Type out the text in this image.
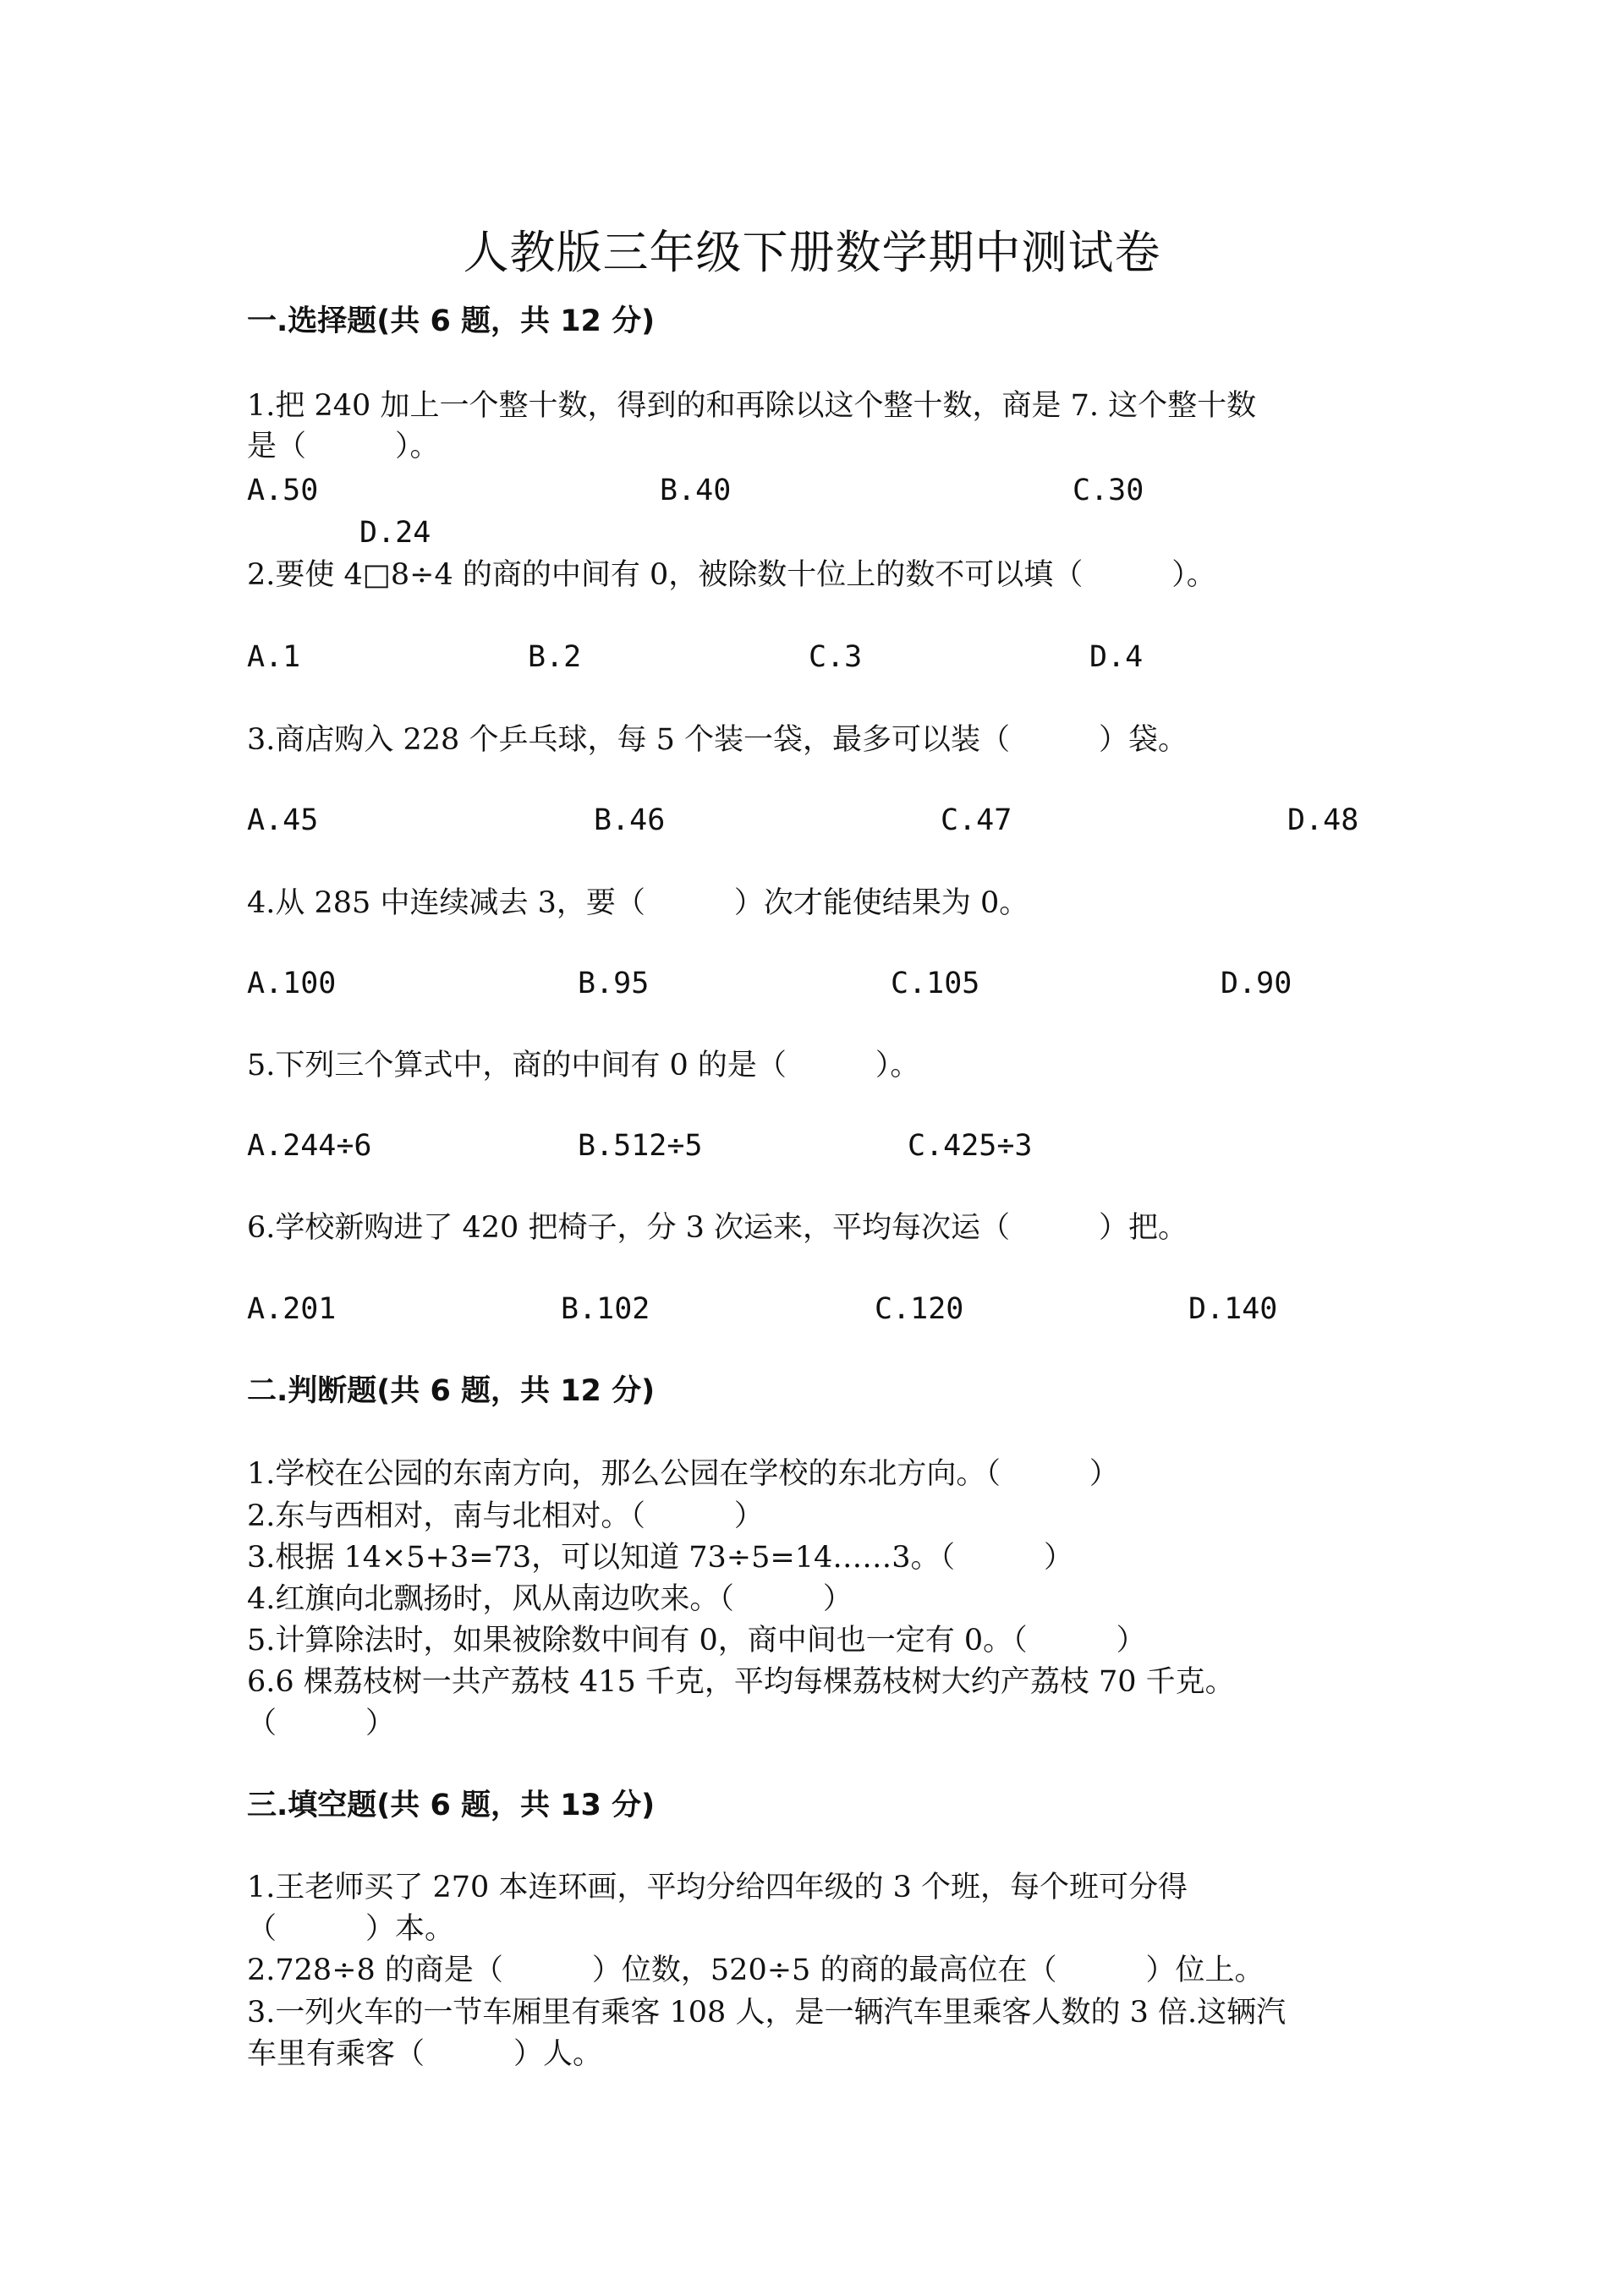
人教版三年级下册数学期中测试卷
一.选择题(共 6 题，共 12 分)
1.把 240 加上一个整十数，得到的和再除以这个整十数，商是 7. 这个整十数
是（　　　）。
A.50	B.40	C.30
D.24
2.要使 4□8÷4 的商的中间有 0，被除数十位上的数不可以填（　　　）。
A.1	B.2	C.3	D.4
3.商店购入 228 个乒乓球，每 5 个装一袋，最多可以装（　　　）袋。
A.45	B.46	C.47	D.48
4.从 285 中连续减去 3，要（　　　）次才能使结果为 0。
A.100	B.95	C.105	D.90
5.下列三个算式中，商的中间有 0 的是（　　　）。
A.244÷6	B.512÷5	C.425÷3
6.学校新购进了 420 把椅子，分 3 次运来，平均每次运（　　　）把。
A.201	B.102	C.120	D.140
二.判断题(共 6 题，共 12 分)
1.学校在公园的东南方向，那么公园在学校的东北方向。（　　　）
2.东与西相对，南与北相对。（　　　）
3.根据 14×5+3=73，可以知道 73÷5=14……3。（　　　）
4.红旗向北飘扬时，风从南边吹来。（　　　）
5.计算除法时，如果被除数中间有 0，商中间也一定有 0。（　　　）
6.6 棵荔枝树一共产荔枝 415 千克，平均每棵荔枝树大约产荔枝 70 千克。
（　　　）
三.填空题(共 6 题，共 13 分)
1.王老师买了 270 本连环画，平均分给四年级的 3 个班，每个班可分得
（　　　）本。
2.728÷8 的商是（　　　）位数，520÷5 的商的最高位在（　　　）位上。
3.一列火车的一节车厢里有乘客 108 人，是一辆汽车里乘客人数的 3 倍.这辆汽
车里有乘客（　　　）人。
